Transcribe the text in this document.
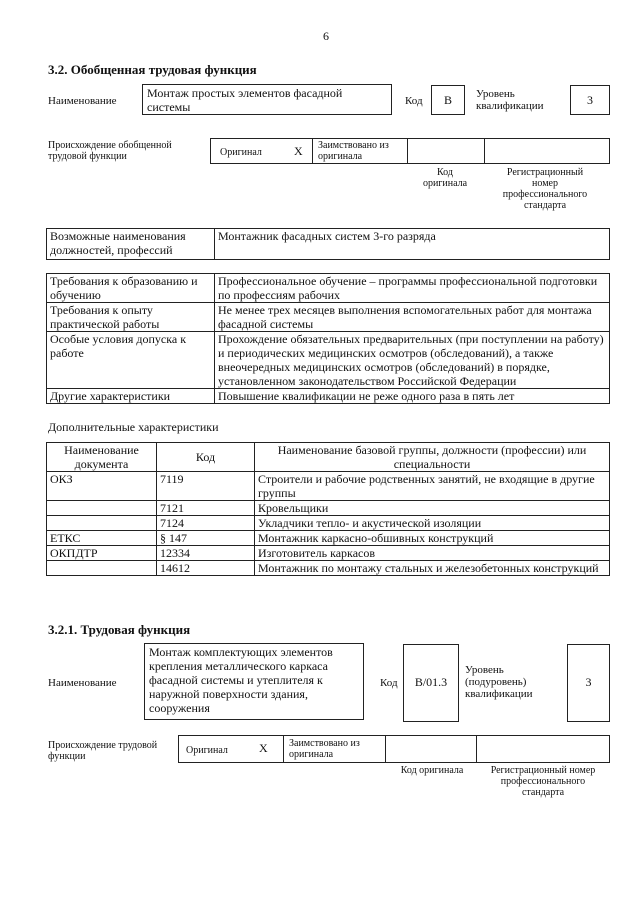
6
3.2. Обобщенная трудовая функция
Наименование
Монтаж простых элементов фасадной системы	Код	B	Уровень квалификации	3
Происхождение обобщенной трудовой функции	Оригинал	X Заимствовано из оригинала
Код оригинала
Регистрационный номер профессионального стандарта
Возможные наименования должностей, профессий	Монтажник фасадных систем 3-го разряда
Требования к образованию и обучению	Профессиональное обучение – программы профессиональной подготовки по профессиям рабочих
Требования к опыту практической работы	Не менее трех месяцев выполнения вспомогательных работ для монтажа фасадной системы
Особые условия допуска к работе	Прохождение обязательных предварительных (при поступлении на работу) и периодических медицинских осмотров (обследований), а также внеочередных медицинских осмотров (обследований) в порядке, установленном законодательством Российской Федерации
Другие характеристики	Повышение квалификации не реже одного раза в пять лет
Дополнительные характеристики
Наименование документа	Код	Наименование базовой группы, должности (профессии) или специальности
ОКЗ	7119	Строители и рабочие родственных занятий, не входящие в другие группы
	7121	Кровельщики
	7124	Укладчики тепло- и акустической изоляции
ЕТКС	§ 147	Монтажник каркасно-обшивных конструкций
ОКПДТР	12334	Изготовитель каркасов
	14612	Монтажник по монтажу стальных и железобетонных конструкций
3.2.1. Трудовая функция
Наименование
Монтаж комплектующих элементов крепления металлического каркаса фасадной системы и утеплителя к наружной поверхности здания, сооружения
Код	B/01.3
Уровень (подуровень) квалификации
3
Происхождение трудовой функции
Оригинал	X Заимствовано из оригинала
Код оригинала	Регистрационный номер профессионального стандарта
